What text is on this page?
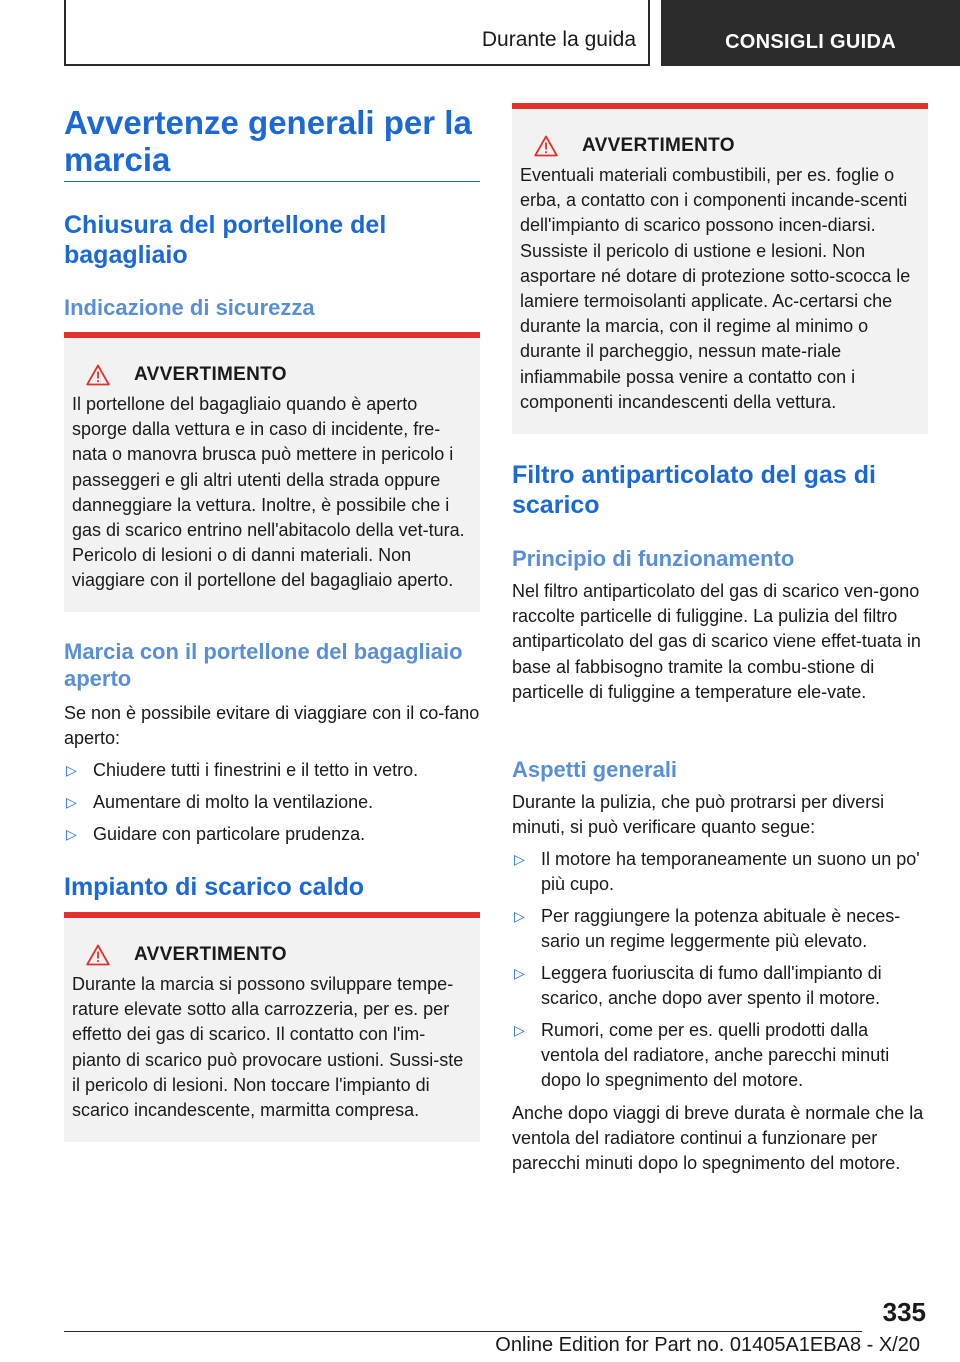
Durante la guida	CONSIGLI GUIDA
Avvertenze generali per la marcia
Chiusura del portellone del bagagliaio
Indicazione di sicurezza
AVVERTIMENTO
Il portellone del bagagliaio quando è aperto sporge dalla vettura e in caso di incidente, fre-nata o manovra brusca può mettere in pericolo i passeggeri e gli altri utenti della strada oppure danneggiare la vettura. Inoltre, è possibile che i gas di scarico entrino nell'abitacolo della vet-tura. Pericolo di lesioni o di danni materiali. Non viaggiare con il portellone del bagagliaio aperto.
Marcia con il portellone del bagagliaio aperto
Se non è possibile evitare di viaggiare con il co-fano aperto:
▷ Chiudere tutti i finestrini e il tetto in vetro.
▷ Aumentare di molto la ventilazione.
▷ Guidare con particolare prudenza.
Impianto di scarico caldo
AVVERTIMENTO
Durante la marcia si possono sviluppare tempe-rature elevate sotto alla carrozzeria, per es. per effetto dei gas di scarico. Il contatto con l'im-pianto di scarico può provocare ustioni. Sussi-ste il pericolo di lesioni. Non toccare l'impianto di scarico incandescente, marmitta compresa.
AVVERTIMENTO
Eventuali materiali combustibili, per es. foglie o erba, a contatto con i componenti incande-scenti dell'impianto di scarico possono incen-diarsi. Sussiste il pericolo di ustione e lesioni. Non asportare né dotare di protezione sotto-scocca le lamiere termoisolanti applicate. Ac-certarsi che durante la marcia, con il regime al minimo o durante il parcheggio, nessun mate-riale infiammabile possa venire a contatto con i componenti incandescenti della vettura.
Filtro antiparticolato del gas di scarico
Principio di funzionamento
Nel filtro antiparticolato del gas di scarico ven-gono raccolte particelle di fuliggine. La pulizia del filtro antiparticolato del gas di scarico viene effet-tuata in base al fabbisogno tramite la combu-stione di particelle di fuliggine a temperature ele-vate.
Aspetti generali
Durante la pulizia, che può protrarsi per diversi minuti, si può verificare quanto segue:
▷ Il motore ha temporaneamente un suono un po' più cupo.
▷ Per raggiungere la potenza abituale è neces-sario un regime leggermente più elevato.
▷ Leggera fuoriuscita di fumo dall'impianto di scarico, anche dopo aver spento il motore.
▷ Rumori, come per es. quelli prodotti dalla ventola del radiatore, anche parecchi minuti dopo lo spegnimento del motore.
Anche dopo viaggi di breve durata è normale che la ventola del radiatore continui a funzionare per parecchi minuti dopo lo spegnimento del motore.
335
Online Edition for Part no. 01405A1EBA8 - X/20
